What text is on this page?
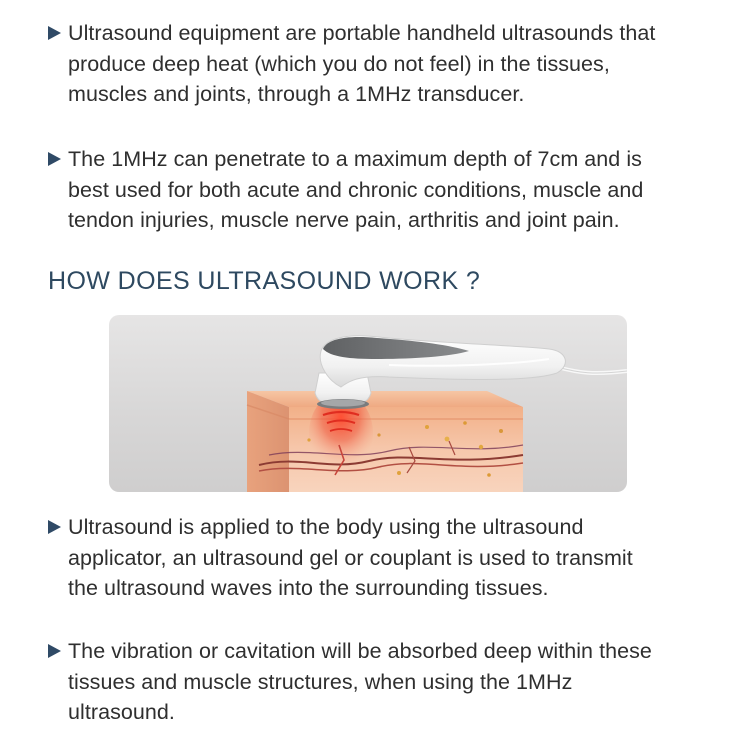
Ultrasound equipment are portable handheld ultrasounds that
produce deep heat (which you do not feel) in the tissues,
muscles and joints, through a 1MHz transducer.
The 1MHz can penetrate to a maximum depth of 7cm and is
best used for both acute and chronic conditions, muscle and
tendon injuries, muscle nerve pain, arthritis and joint pain.
HOW DOES ULTRASOUND WORK ?
Ultrasound is applied to the body using the ultrasound
applicator, an ultrasound gel or couplant is used to transmit
the ultrasound waves into the surrounding tissues.
The vibration or cavitation will be absorbed deep within these
tissues and muscle structures, when using the 1MHz
ultrasound.
